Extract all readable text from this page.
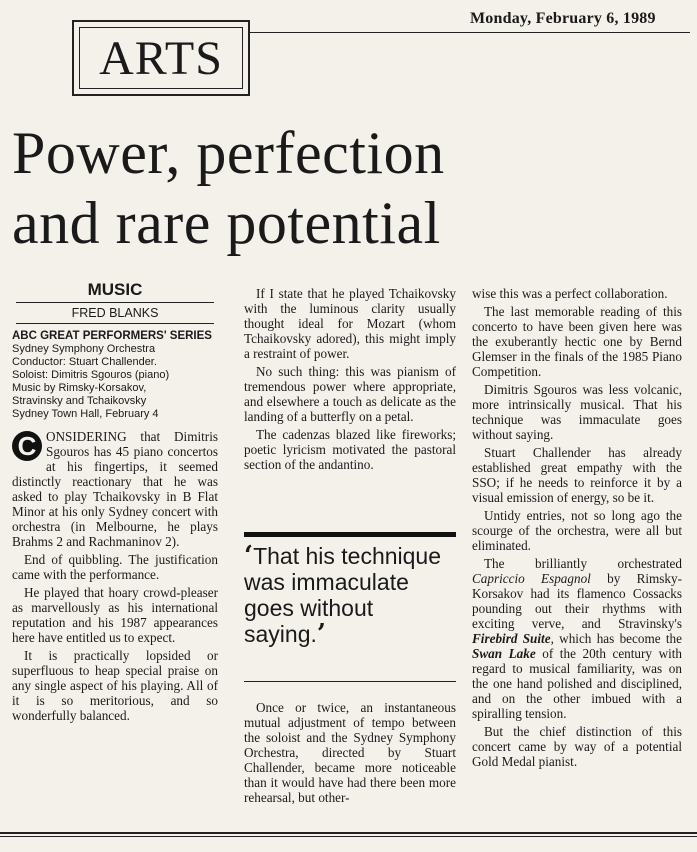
Monday, February 6, 1989
ARTS
Power, perfection
and rare potential
MUSIC
FRED BLANKS
ABC GREAT PERFORMERS' SERIES
Sydney Symphony Orchestra
Conductor: Stuart Challender.
Soloist: Dimitris Sgouros (piano)
Music by Rimsky-Korsakov,
Stravinsky and Tchaikovsky
Sydney Town Hall, February 4

C ONSIDERING that Dimitris Sgouros has 45 piano concertos at his fingertips, it seemed distinctly reactionary that he was asked to play Tchaikovsky in B Flat Minor at his only Sydney concert with orchestra (in Melbourne, he plays Brahms 2 and Rachmaninov 2).

End of quibbling. The justification came with the performance.

He played that hoary crowd-pleaser as marvellously as his international reputation and his 1987 appearances here have entitled us to expect.

It is practically lopsided or superfluous to heap special praise on any single aspect of his playing. All of it is so meritorious, and so wonderfully balanced.

If I state that he played Tchaikovsky with the luminous clarity usually thought ideal for Mozart (whom Tchaikovsky adored), this might imply a restraint of power.

No such thing: this was pianism of tremendous power where appropriate, and elsewhere a touch as delicate as the landing of a butterfly on a petal.

The cadenzas blazed like fireworks; poetic lyricism motivated the pastoral section of the andantino.

‘That his technique was immaculate goes without saying.’

Once or twice, an instantaneous mutual adjustment of tempo between the soloist and the Sydney Symphony Orchestra, directed by Stuart Challender, became more noticeable than it would have had there been more rehearsal, but other-

wise this was a perfect collaboration.

The last memorable reading of this concerto to have been given here was the exuberantly hectic one by Bernd Glemser in the finals of the 1985 Piano Competition.

Dimitris Sgouros was less volcanic, more intrinsically musical. That his technique was immaculate goes without saying.

Stuart Challender has already established great empathy with the SSO; if he needs to reinforce it by a visual emission of energy, so be it.

Untidy entries, not so long ago the scourge of the orchestra, were all but eliminated.

The brilliantly orchestrated Capriccio Espagnol by Rimsky-Korsakov had its flamenco Cossacks pounding out their rhythms with exciting verve, and Stravinsky's Firebird Suite, which has become the Swan Lake of the 20th century with regard to musical familiarity, was on the one hand polished and disciplined, and on the other imbued with a spiralling tension.

But the chief distinction of this concert came by way of a potential Gold Medal pianist.
